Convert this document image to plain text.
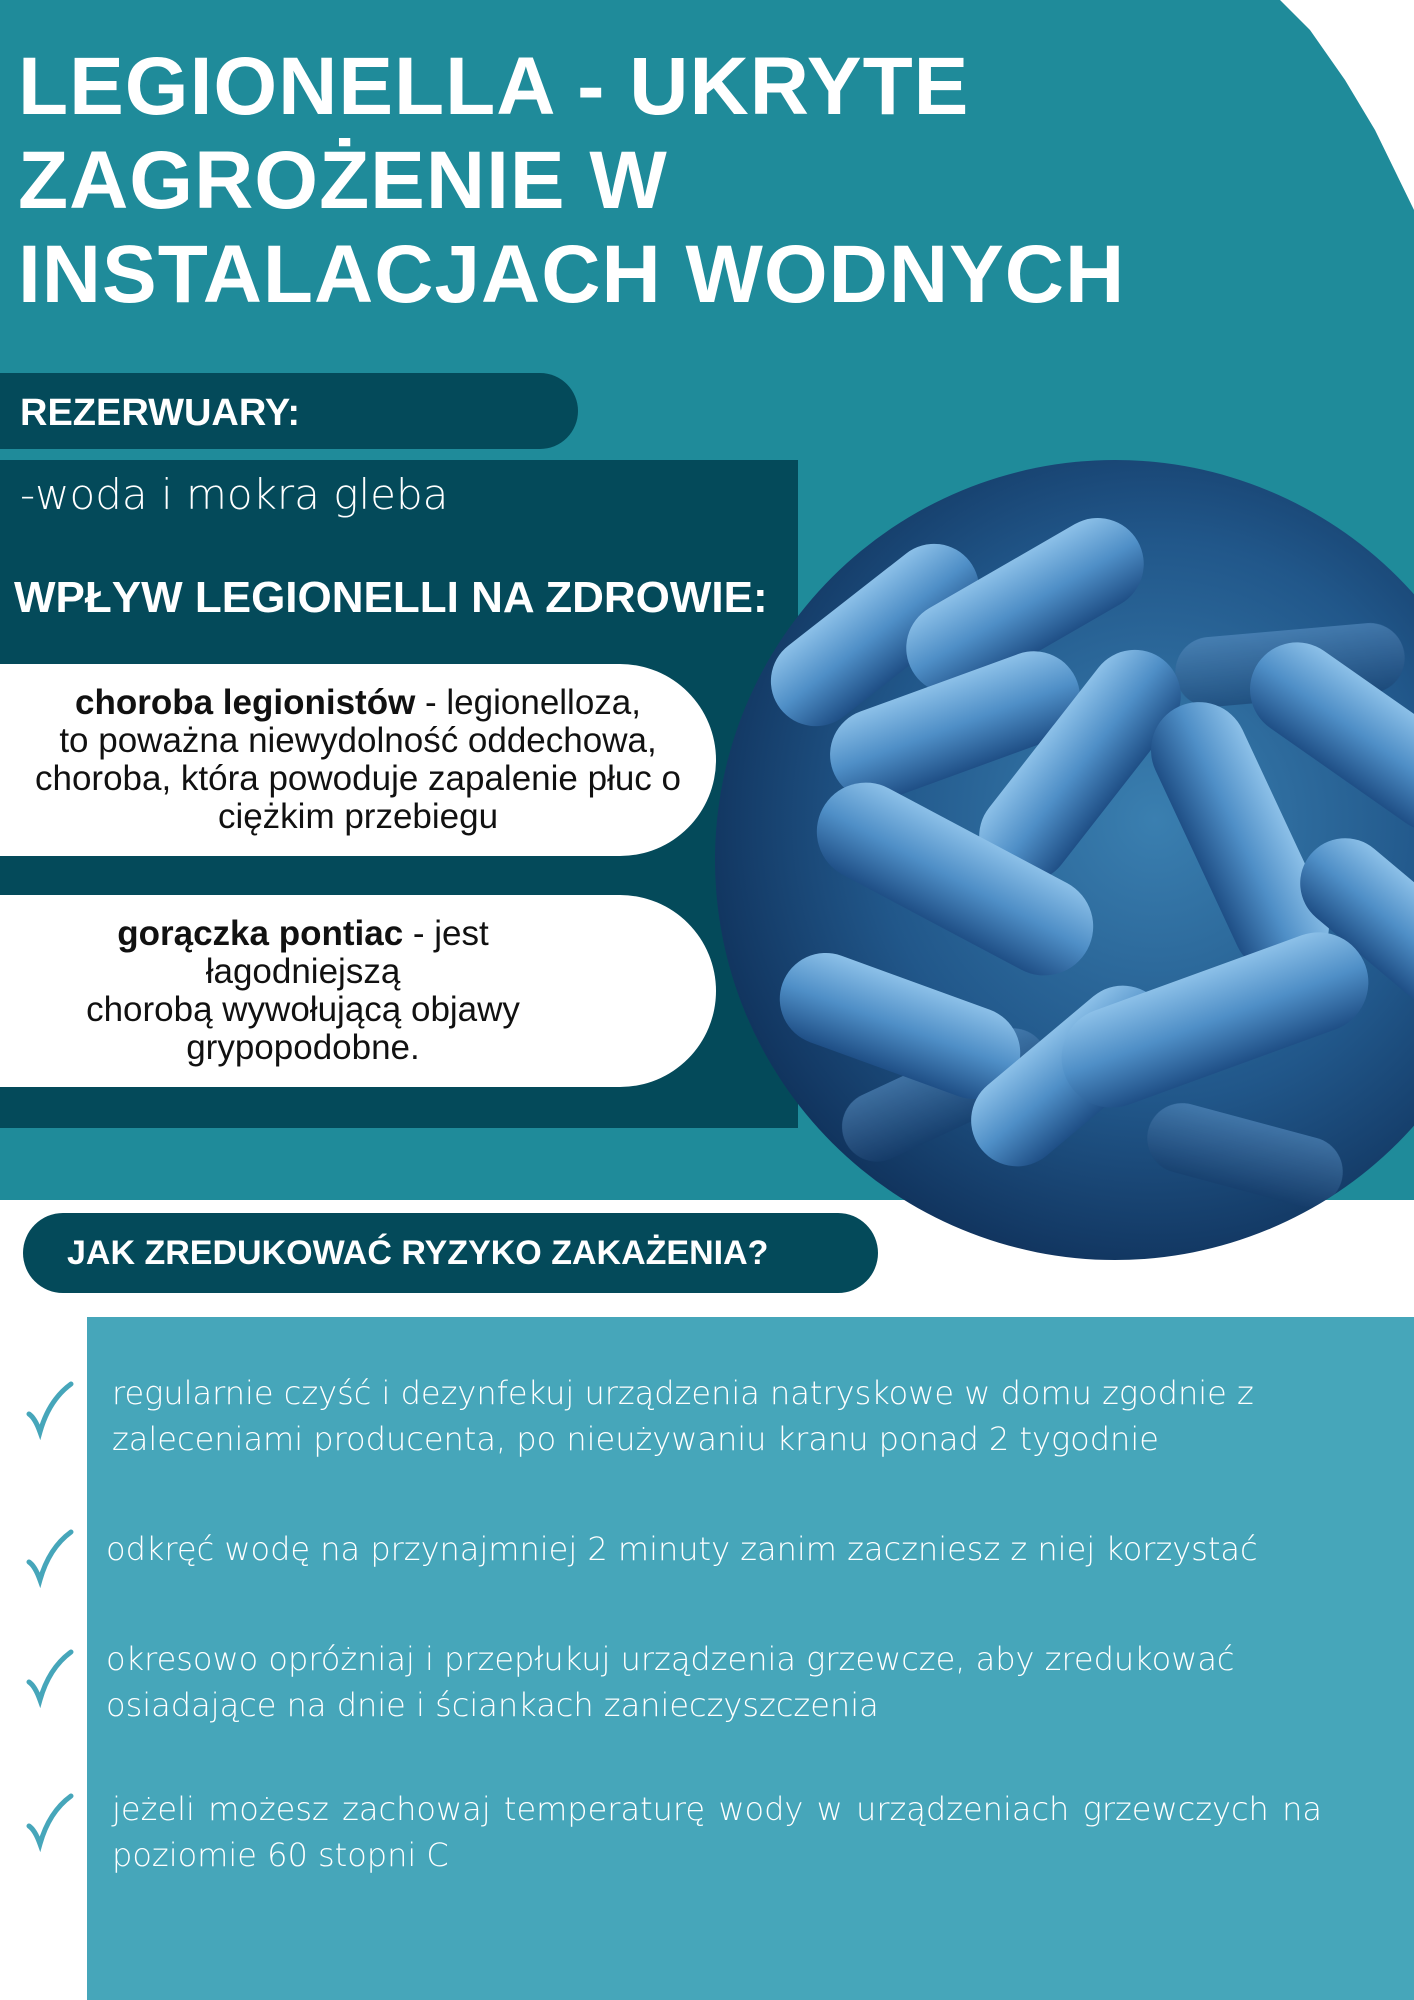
LEGIONELLA - UKRYTE
ZAGROŻENIE W
INSTALACJACH WODNYCH
REZERWUARY:
-woda i mokra gleba
WPŁYW LEGIONELLI NA ZDROWIE:

choroba legionistów - legionelloza,
to poważna niewydolność oddechowa, choroba, która powoduje zapalenie płuc o ciężkim przebiegu

gorączka pontiac - jest łagodniejszą
chorobą wywołującą objawy grypopodobne.

JAK ZREDUKOWAĆ RYZYKO ZAKAŻENIA?
regularnie czyść i dezynfekuj urządzenia natryskowe w domu zgodnie z zaleceniami producenta, po nieużywaniu kranu ponad 2 tygodnie
odkręć wodę na przynajmniej 2 minuty zanim zaczniesz z niej korzystać
okresowo opróżniaj i przepłukuj urządzenia grzewcze, aby zredukować osiadające na dnie i ściankach zanieczyszczenia
jeżeli możesz zachowaj temperaturę wody w urządzeniach grzewczych na poziomie 60 stopni C
